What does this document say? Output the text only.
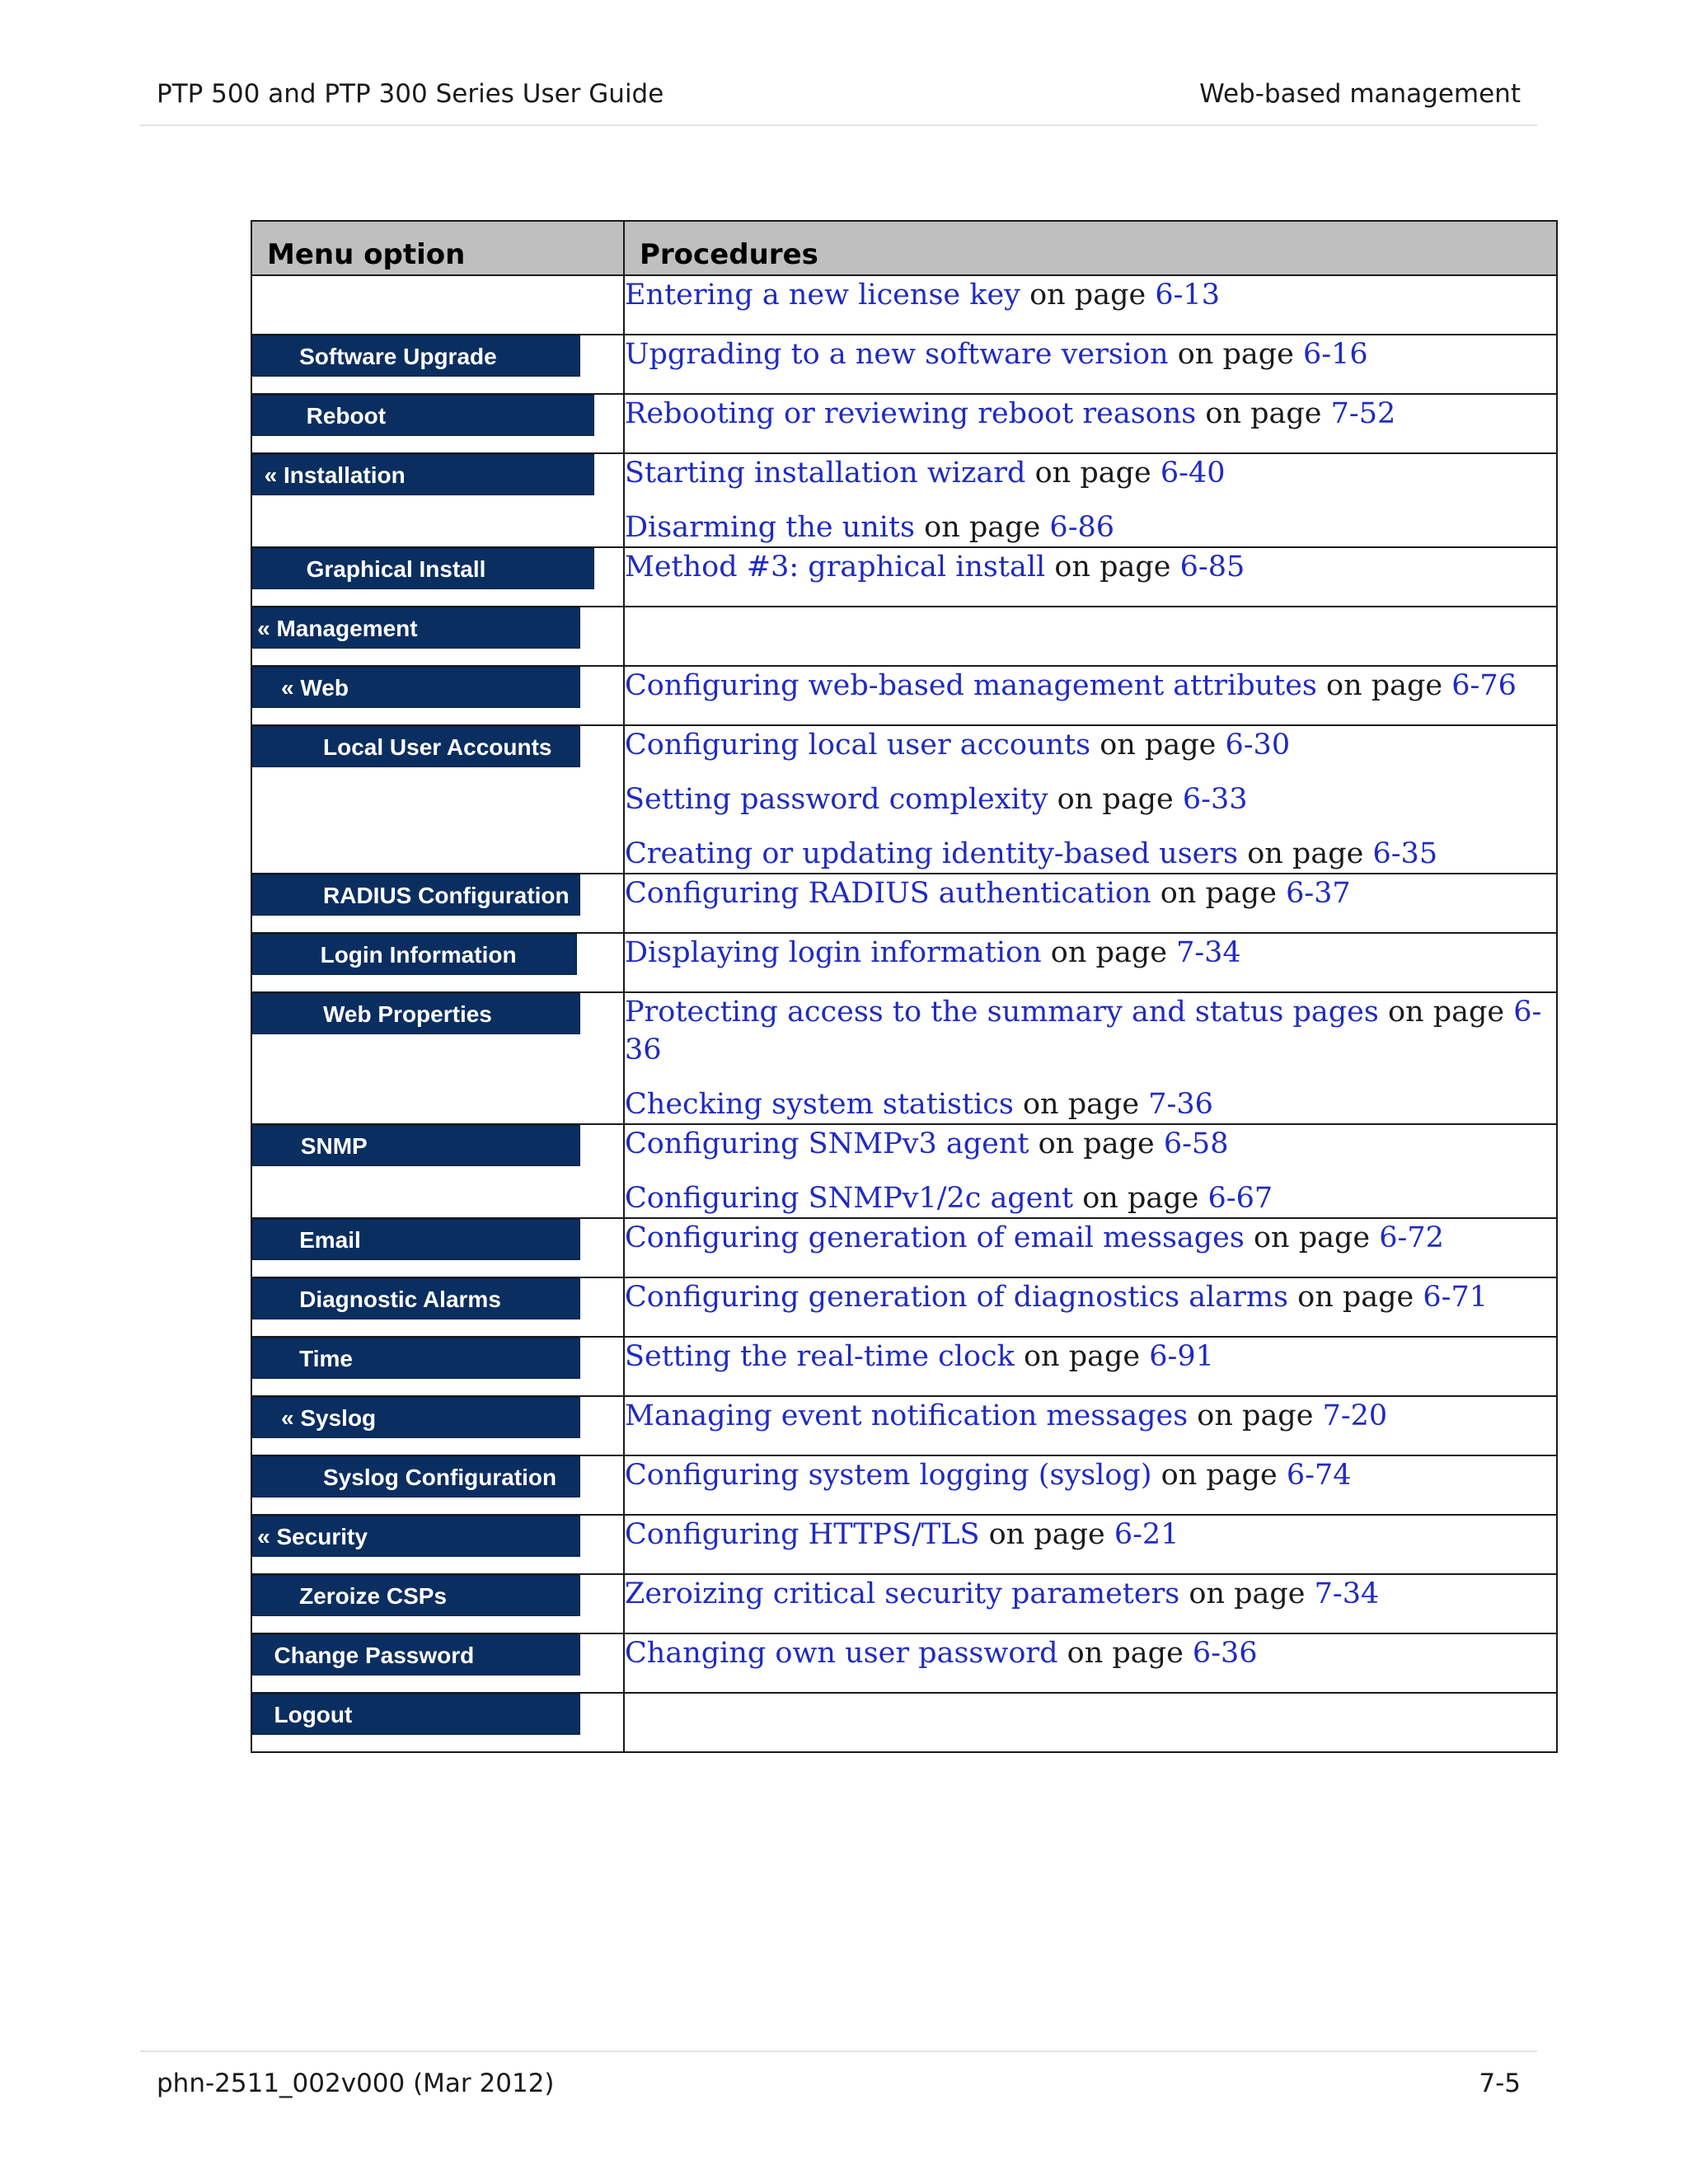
PTP 500 and PTP 300 Series User Guide	Web-based management
Menu option	Procedures

	Entering a new license key on page 6-13

Software Upgrade	Upgrading to a new software version on page 6-16

Reboot	Rebooting or reviewing reboot reasons on page 7-52

« Installation	Starting installation wizard on page 6-40
Disarming the units on page 6-86

Graphical Install	Method #3: graphical install on page 6-85

« Management	

« Web	Configuring web-based management attributes on page 6-76

Local User Accounts	Configuring local user accounts on page 6-30
Setting password complexity on page 6-33
Creating or updating identity-based users on page 6-35

RADIUS Configuration	Configuring RADIUS authentication on page 6-37

Login Information	Displaying login information on page 7-34

Web Properties	Protecting access to the summary and status pages on page 6-36
Checking system statistics on page 7-36

SNMP	Configuring SNMPv3 agent on page 6-58
Configuring SNMPv1/2c agent on page 6-67

Email	Configuring generation of email messages on page 6-72

Diagnostic Alarms	Configuring generation of diagnostics alarms on page 6-71

Time	Setting the real-time clock on page 6-91

« Syslog	Managing event notification messages on page 7-20

Syslog Configuration	Configuring system logging (syslog) on page 6-74

« Security	Configuring HTTPS/TLS on page 6-21

Zeroize CSPs	Zeroizing critical security parameters on page 7-34

Change Password	Changing own user password on page 6-36

Logout	

phn-2511_002v000 (Mar 2012)	7-5
